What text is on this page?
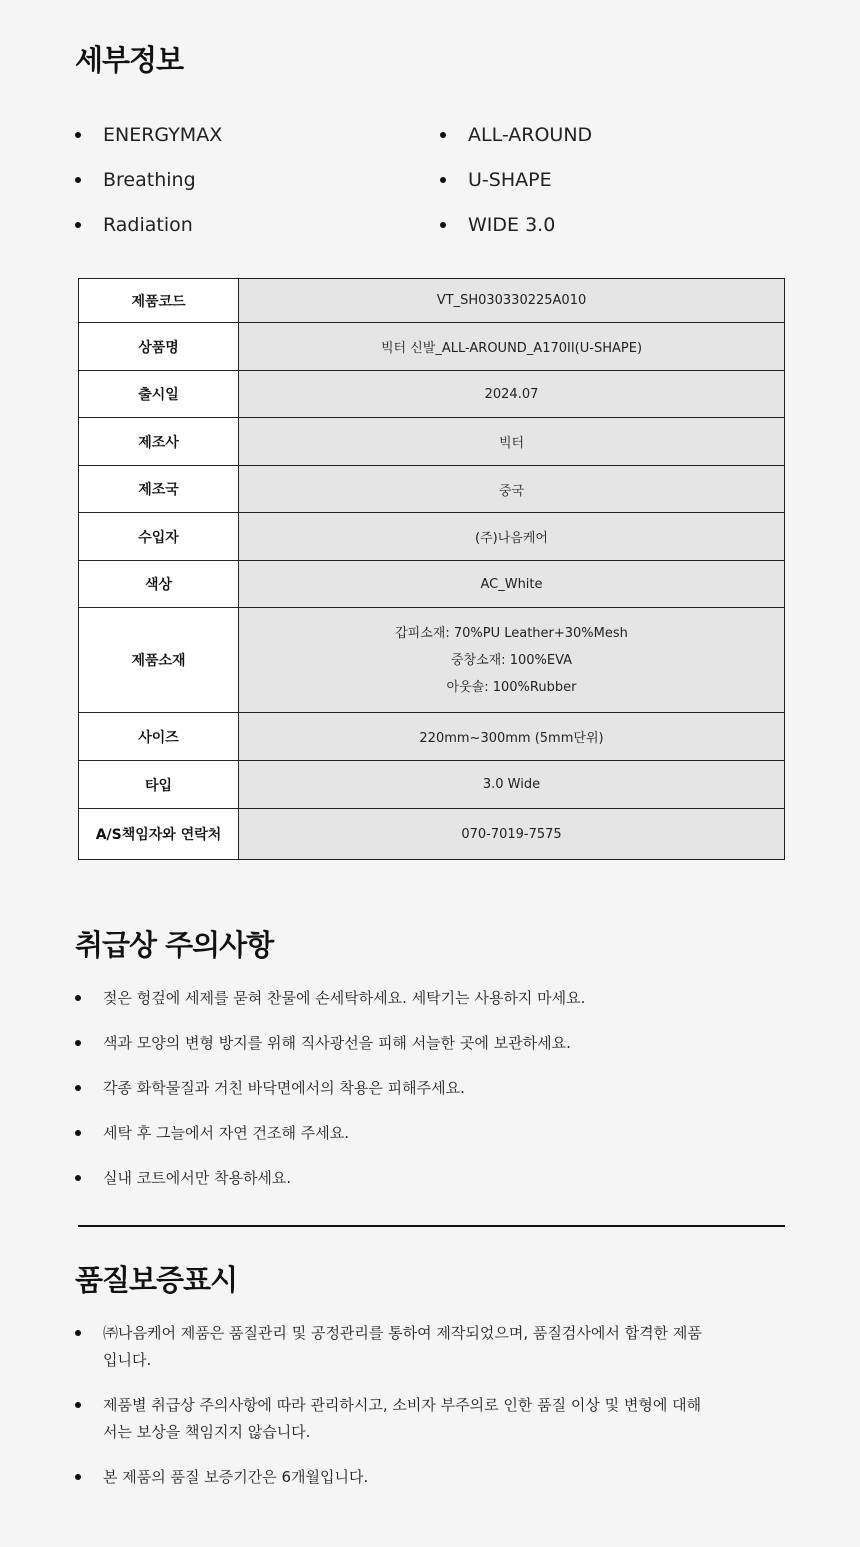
세부정보
ENERGYMAX	ALL-AROUND
Breathing	U-SHAPE
Radiation	WIDE 3.0
제품코드	VT_SH030330225A010
상품명	빅터 신발_ALL-AROUND_A170II(U-SHAPE)
출시일	2024.07
제조사	빅터
제조국	중국
수입자	(주)나음케어
색상	AC_White
제품소재	갑피소재: 70%PU Leather+30%Mesh
중창소재: 100%EVA
아웃솔: 100%Rubber

사이즈	220mm~300mm (5mm단위)
타입	3.0 Wide
A/S책임자와 연락처	070-7019-7575
취급상 주의사항
젖은 헝겊에 세제를 묻혀 찬물에 손세탁하세요. 세탁기는 사용하지 마세요.
색과 모양의 변형 방지를 위해 직사광선을 피해 서늘한 곳에 보관하세요.
각종 화학물질과 거친 바닥면에서의 착용은 피해주세요.
세탁 후 그늘에서 자연 건조해 주세요.
실내 코트에서만 착용하세요.
품질보증표시
㈜나음케어 제품은 품질관리 및 공정관리를 통하여 제작되었으며, 품질검사에서 합격한 제품입니다.
제품별 취급상 주의사항에 따라 관리하시고, 소비자 부주의로 인한 품질 이상 및 변형에 대해서는 보상을 책임지지 않습니다.
본 제품의 품질 보증기간은 6개월입니다.
